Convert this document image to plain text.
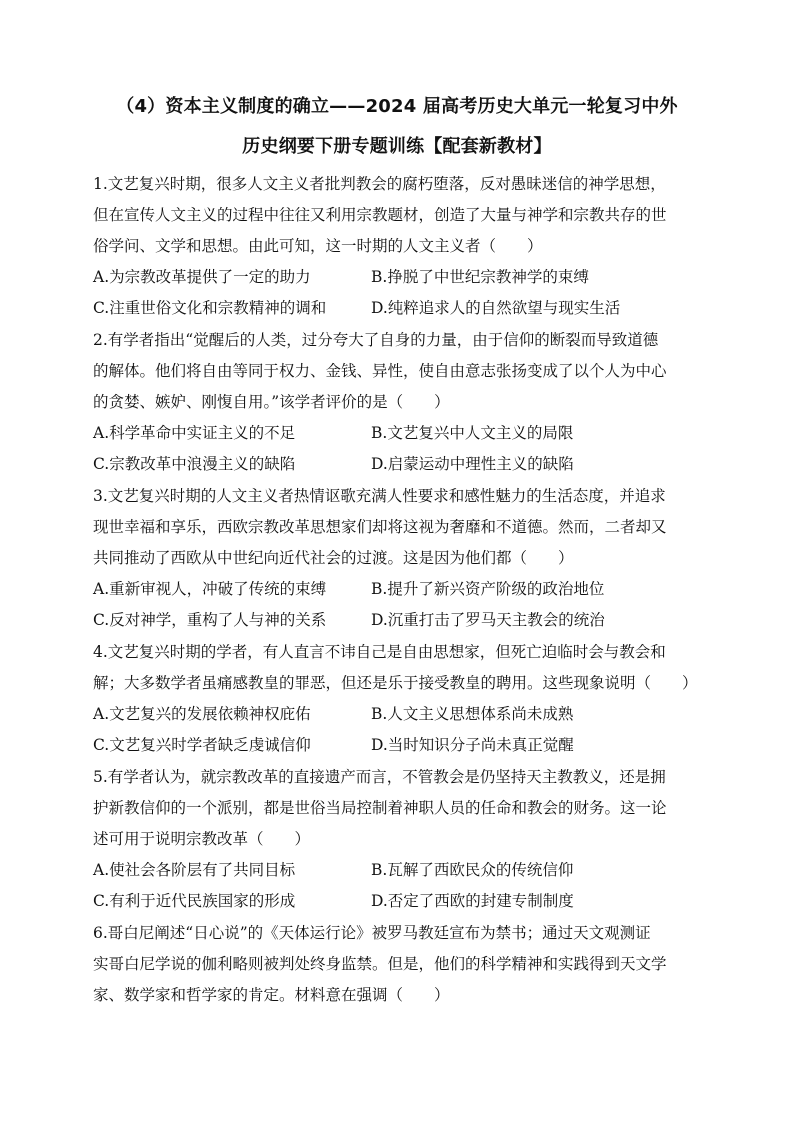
（4）资本主义制度的确立——2024 届高考历史大单元一轮复习中外
历史纲要下册专题训练【配套新教材】
1.文艺复兴时期，很多人文主义者批判教会的腐朽堕落，反对愚昧迷信的神学思想，
但在宣传人文主义的过程中往往又利用宗教题材，创造了大量与神学和宗教共存的世
俗学问、文学和思想。由此可知，这一时期的人文主义者（　　）
A.为宗教改革提供了一定的助力	B.挣脱了中世纪宗教神学的束缚
C.注重世俗文化和宗教精神的调和	D.纯粹追求人的自然欲望与现实生活
2.有学者指出“觉醒后的人类，过分夸大了自身的力量，由于信仰的断裂而导致道德
的解体。他们将自由等同于权力、金钱、异性，使自由意志张扬变成了以个人为中心
的贪婪、嫉妒、刚愎自用。”该学者评价的是（　　）
A.科学革命中实证主义的不足	B.文艺复兴中人文主义的局限
C.宗教改革中浪漫主义的缺陷	D.启蒙运动中理性主义的缺陷
3.文艺复兴时期的人文主义者热情讴歌充满人性要求和感性魅力的生活态度，并追求
现世幸福和享乐，西欧宗教改革思想家们却将这视为奢靡和不道德。然而，二者却又
共同推动了西欧从中世纪向近代社会的过渡。这是因为他们都（　　）
A.重新审视人，冲破了传统的束缚	B.提升了新兴资产阶级的政治地位
C.反对神学，重构了人与神的关系	D.沉重打击了罗马天主教会的统治
4.文艺复兴时期的学者，有人直言不讳自己是自由思想家，但死亡迫临时会与教会和
解；大多数学者虽痛感教皇的罪恶，但还是乐于接受教皇的聘用。这些现象说明（　　）
A.文艺复兴的发展依赖神权庇佑	B.人文主义思想体系尚未成熟
C.文艺复兴时学者缺乏虔诚信仰	D.当时知识分子尚未真正觉醒
5.有学者认为，就宗教改革的直接遗产而言，不管教会是仍坚持天主教教义，还是拥
护新教信仰的一个派别，都是世俗当局控制着神职人员的任命和教会的财务。这一论
述可用于说明宗教改革（　　）
A.使社会各阶层有了共同目标	B.瓦解了西欧民众的传统信仰
C.有利于近代民族国家的形成	D.否定了西欧的封建专制制度
6.哥白尼阐述“日心说”的《天体运行论》被罗马教廷宣布为禁书；通过天文观测证
实哥白尼学说的伽利略则被判处终身监禁。但是，他们的科学精神和实践得到天文学
家、数学家和哲学家的肯定。材料意在强调（　　）
